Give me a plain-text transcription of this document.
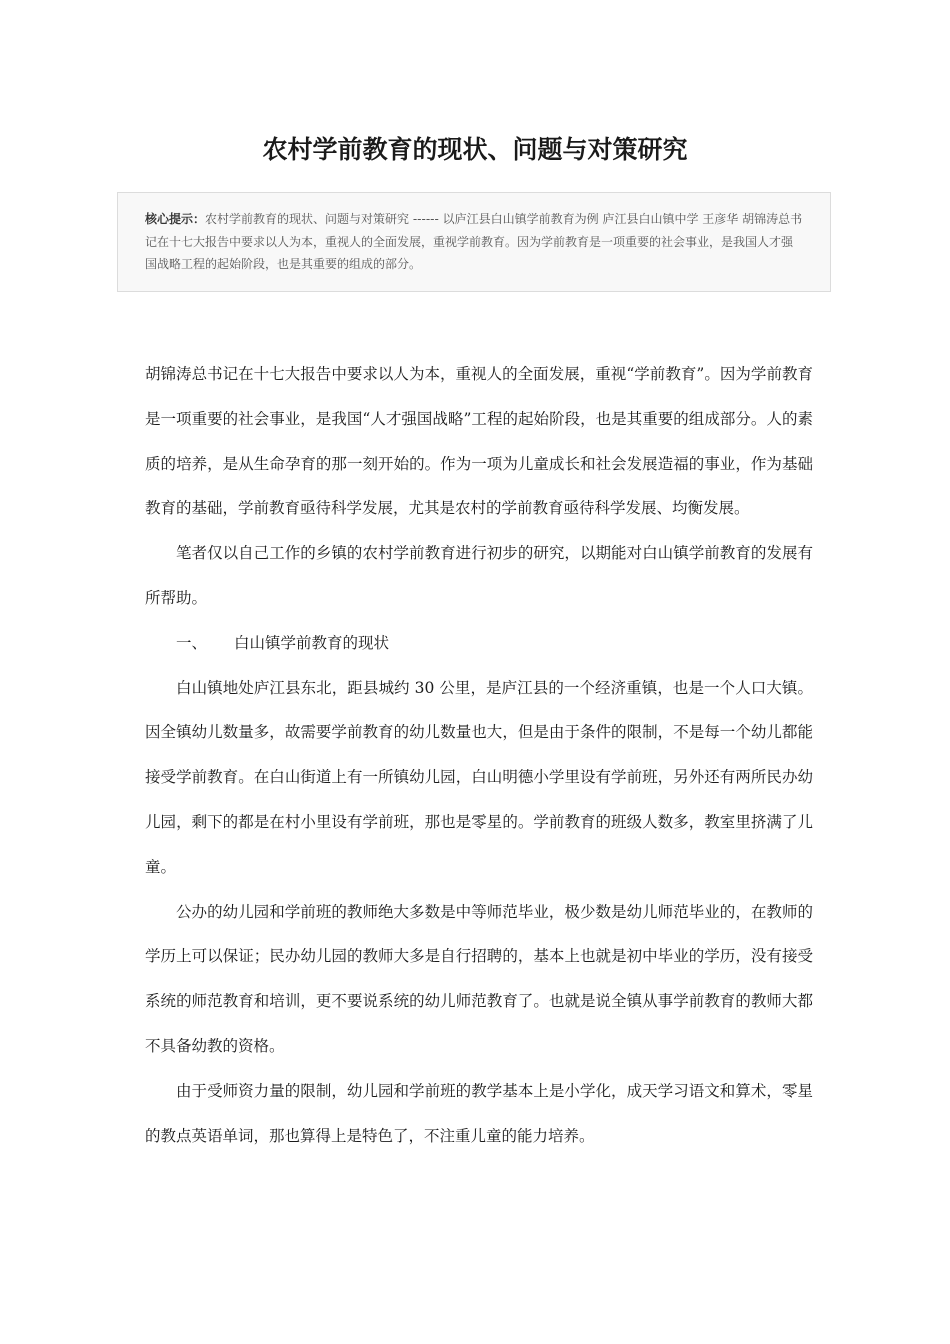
农村学前教育的现状、问题与对策研究
核心提示：农村学前教育的现状、问题与对策研究 ------ 以庐江县白山镇学前教育为例 庐江县白山镇中学 王彦华 胡锦涛总书记在十七大报告中要求以人为本，重视人的全面发展，重视学前教育。因为学前教育是一项重要的社会事业，是我国人才强国战略工程的起始阶段，也是其重要的组成的部分。

胡锦涛总书记在十七大报告中要求以人为本，重视人的全面发展，重视“学前教育”。因为学前教育是一项重要的社会事业，是我国“人才强国战略”工程的起始阶段，也是其重要的组成部分。人的素质的培养，是从生命孕育的那一刻开始的。作为一项为儿童成长和社会发展造福的事业，作为基础教育的基础，学前教育亟待科学发展，尤其是农村的学前教育亟待科学发展、均衡发展。

笔者仅以自己工作的乡镇的农村学前教育进行初步的研究，以期能对白山镇学前教育的发展有所帮助。

一、 白山镇学前教育的现状

白山镇地处庐江县东北，距县城约 30 公里，是庐江县的一个经济重镇，也是一个人口大镇。因全镇幼儿数量多，故需要学前教育的幼儿数量也大，但是由于条件的限制，不是每一个幼儿都能接受学前教育。在白山街道上有一所镇幼儿园，白山明德小学里设有学前班，另外还有两所民办幼儿园，剩下的都是在村小里设有学前班，那也是零星的。学前教育的班级人数多，教室里挤满了儿童。

公办的幼儿园和学前班的教师绝大多数是中等师范毕业，极少数是幼儿师范毕业的，在教师的学历上可以保证；民办幼儿园的教师大多是自行招聘的，基本上也就是初中毕业的学历，没有接受系统的师范教育和培训，更不要说系统的幼儿师范教育了。也就是说全镇从事学前教育的教师大都不具备幼教的资格。

由于受师资力量的限制，幼儿园和学前班的教学基本上是小学化，成天学习语文和算术，零星的教点英语单词，那也算得上是特色了，不注重儿童的能力培养。
